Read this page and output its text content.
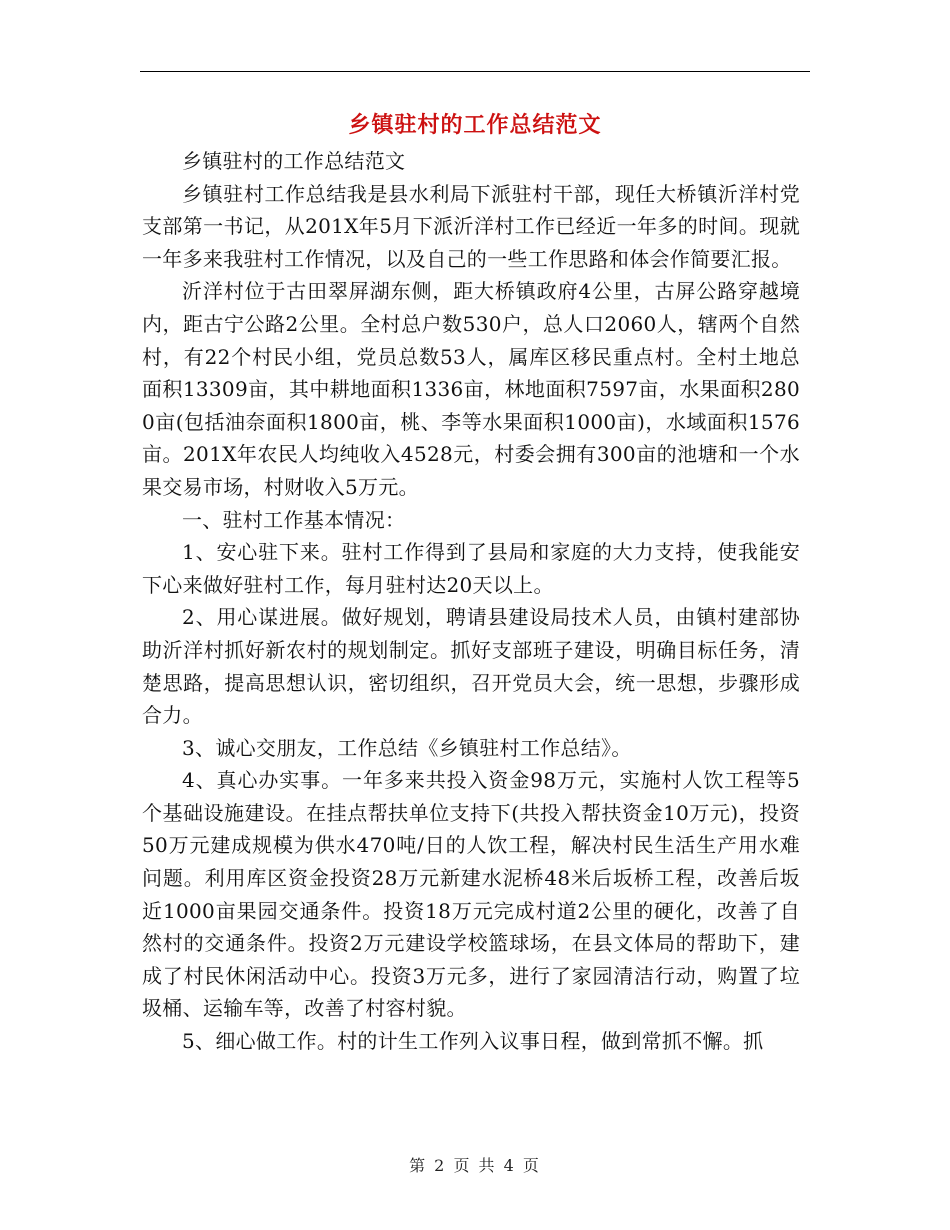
乡镇驻村的工作总结范文

乡镇驻村的工作总结范文

乡镇驻村工作总结我是县水利局下派驻村干部，现任大桥镇沂洋村党支部第一书记，从201X年5月下派沂洋村工作已经近一年多的时间。现就一年多来我驻村工作情况，以及自己的一些工作思路和体会作简要汇报。

沂洋村位于古田翠屏湖东侧，距大桥镇政府4公里，古屏公路穿越境内，距古宁公路2公里。全村总户数530户，总人口2060人，辖两个自然村，有22个村民小组，党员总数53人，属库区移民重点村。全村土地总面积13309亩，其中耕地面积1336亩，林地面积7597亩，水果面积2800亩(包括油奈面积1800亩，桃、李等水果面积1000亩)，水域面积1576亩。201X年农民人均纯收入4528元，村委会拥有300亩的池塘和一个水果交易市场，村财收入5万元。

一、驻村工作基本情况：

1、安心驻下来。驻村工作得到了县局和家庭的大力支持，使我能安下心来做好驻村工作，每月驻村达20天以上。

2、用心谋进展。做好规划，聘请县建设局技术人员，由镇村建部协助沂洋村抓好新农村的规划制定。抓好支部班子建设，明确目标任务，清楚思路，提高思想认识，密切组织，召开党员大会，统一思想，步骤形成合力。

3、诚心交朋友，工作总结《乡镇驻村工作总结》。

4、真心办实事。一年多来共投入资金98万元，实施村人饮工程等5个基础设施建设。在挂点帮扶单位支持下(共投入帮扶资金10万元)，投资50万元建成规模为供水470吨/日的人饮工程，解决村民生活生产用水难问题。利用库区资金投资28万元新建水泥桥48米后坂桥工程，改善后坂近1000亩果园交通条件。投资18万元完成村道2公里的硬化，改善了自然村的交通条件。投资2万元建设学校篮球场，在县文体局的帮助下，建成了村民休闲活动中心。投资3万元多，进行了家园清洁行动，购置了垃圾桶、运输车等，改善了村容村貌。

5、细心做工作。村的计生工作列入议事日程，做到常抓不懈。抓

第 2 页 共 4 页
